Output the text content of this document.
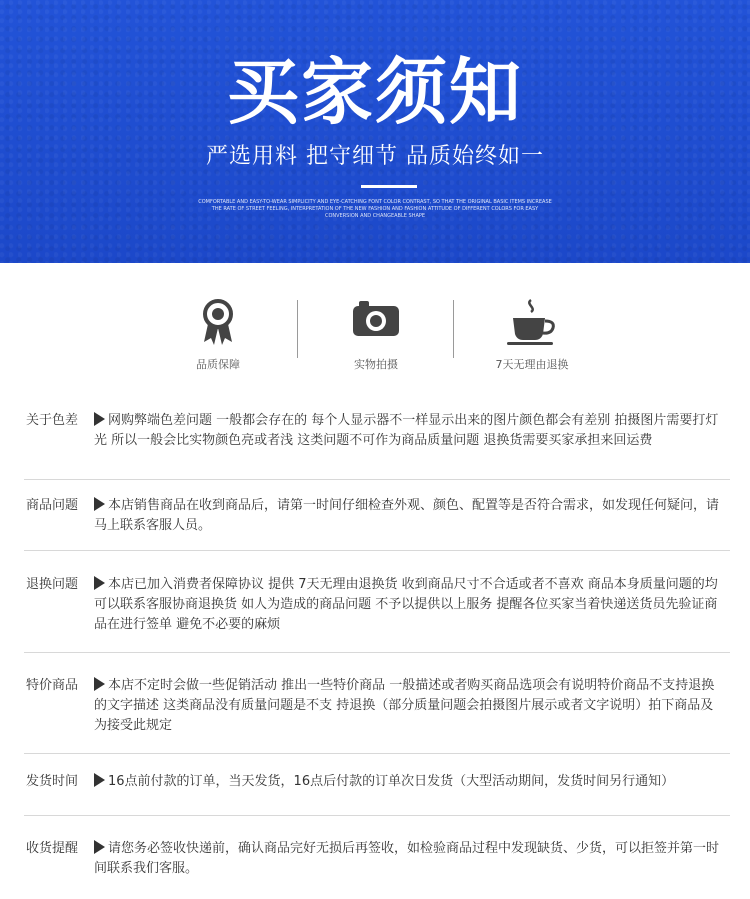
买家须知
严选用料 把守细节 品质始终如一
COMFORTABLE AND EASY-TO-WEAR SIMPLICITY AND EYE-CATCHING FONT COLOR CONTRAST, SO THAT THE ORIGINAL BASIC ITEMS INCREASE THE RATE OF STREET FEELING, INTERPRETATION OF THE NEW FASHION AND FASHION ATTITUDE OF DIFFERENT COLORS FOR EASY CONVERSION AND CHANGEABLE SHAPE
品质保障	实物拍摄	7天无理由退换
关于色差	网购弊端色差问题 一般都会存在的 每个人显示器不一样显示出来的图片颜色都会有差别 拍摄图片需要打灯光 所以一般会比实物颜色亮或者浅 这类问题不可作为商品质量问题 退换货需要买家承担来回运费
商品问题	本店销售商品在收到商品后，请第一时间仔细检查外观、颜色、配置等是否符合需求，如发现任何疑问，请马上联系客服人员。
退换问题	本店已加入消费者保障协议 提供 7天无理由退换货 收到商品尺寸不合适或者不喜欢 商品本身质量问题的均可以联系客服协商退换货 如人为造成的商品问题 不予以提供以上服务 提醒各位买家当着快递送货员先验证商品在进行签单 避免不必要的麻烦
特价商品	本店不定时会做一些促销活动 推出一些特价商品 一般描述或者购买商品选项会有说明特价商品不支持退换的文字描述 这类商品没有质量问题是不支 持退换（部分质量问题会拍摄图片展示或者文字说明）拍下商品及为接受此规定
发货时间	16点前付款的订单，当天发货，16点后付款的订单次日发货（大型活动期间，发货时间另行通知）
收货提醒	请您务必签收快递前，确认商品完好无损后再签收，如检验商品过程中发现缺货、少货，可以拒签并第一时间联系我们客服。
